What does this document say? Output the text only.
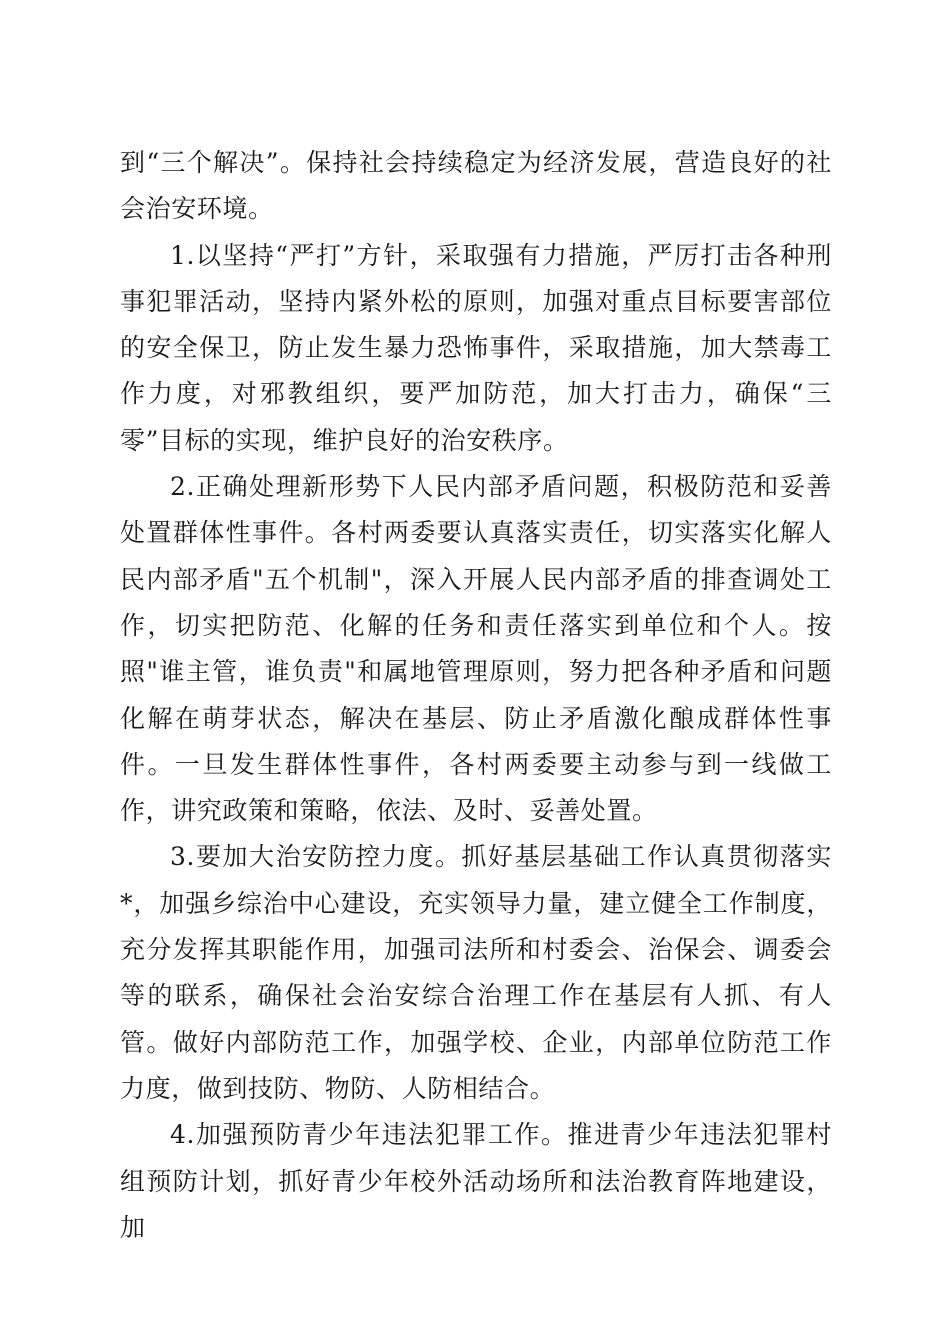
到“三个解决”。保持社会持续稳定为经济发展，营造良好的社会治安环境。

1.以坚持“严打”方针，采取强有力措施，严厉打击各种刑事犯罪活动，坚持内紧外松的原则，加强对重点目标要害部位的安全保卫，防止发生暴力恐怖事件，采取措施，加大禁毒工作力度，对邪教组织，要严加防范，加大打击力，确保“三零”目标的实现，维护良好的治安秩序。

2.正确处理新形势下人民内部矛盾问题，积极防范和妥善处置群体性事件。各村两委要认真落实责任，切实落实化解人民内部矛盾"五个机制"，深入开展人民内部矛盾的排查调处工作，切实把防范、化解的任务和责任落实到单位和个人。按照"谁主管，谁负责"和属地管理原则，努力把各种矛盾和问题化解在萌芽状态，解决在基层、防止矛盾激化酿成群体性事件。一旦发生群体性事件，各村两委要主动参与到一线做工作，讲究政策和策略，依法、及时、妥善处置。

3.要加大治安防控力度。抓好基层基础工作认真贯彻落实*，加强乡综治中心建设，充实领导力量，建立健全工作制度，充分发挥其职能作用，加强司法所和村委会、治保会、调委会等的联系，确保社会治安综合治理工作在基层有人抓、有人管。做好内部防范工作，加强学校、企业，内部单位防范工作力度，做到技防、物防、人防相结合。

4.加强预防青少年违法犯罪工作。推进青少年违法犯罪村组预防计划，抓好青少年校外活动场所和法治教育阵地建设，加
